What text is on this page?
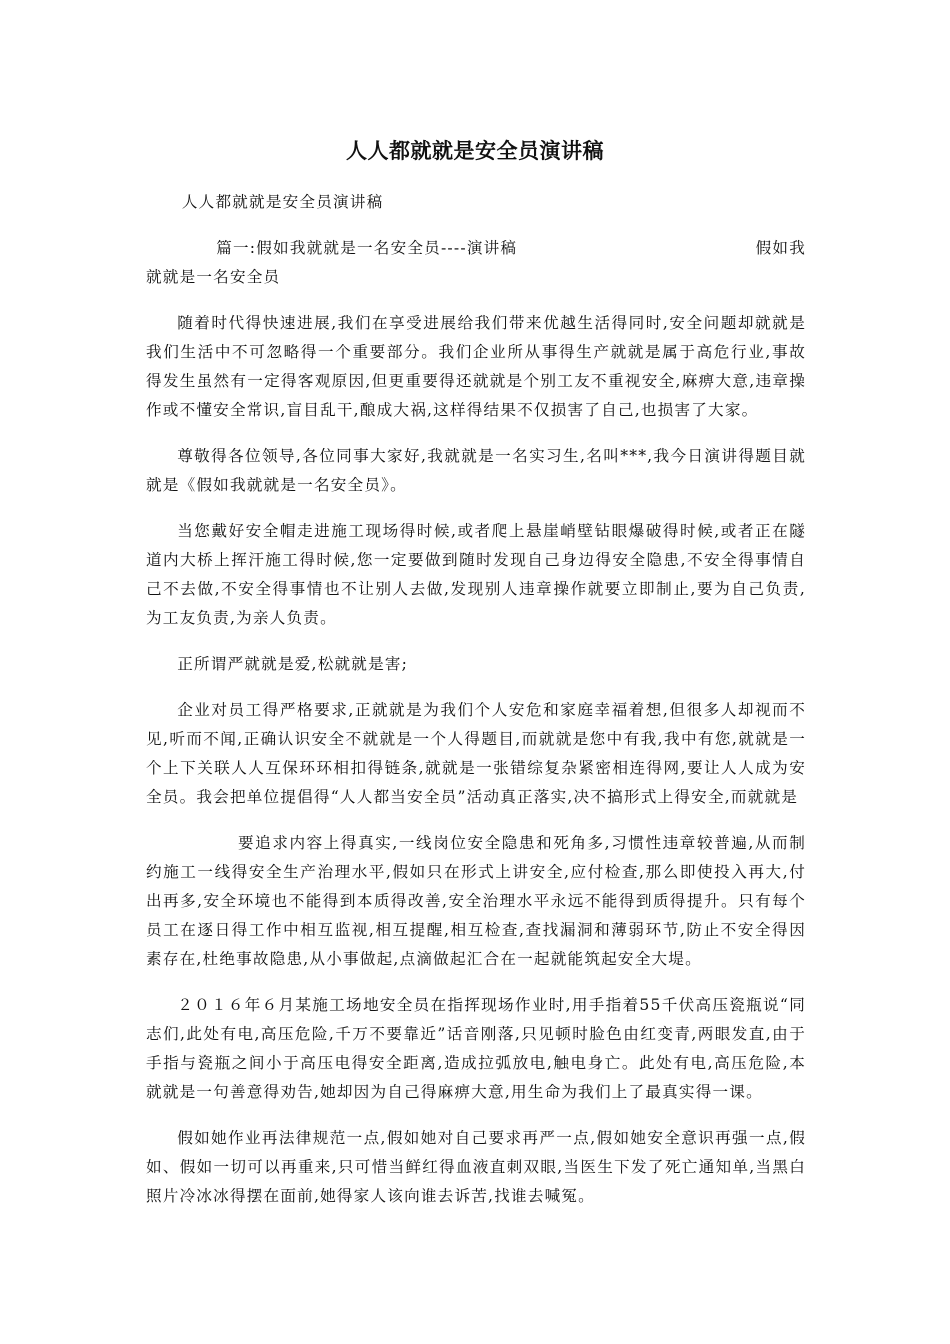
人人都就就是安全员演讲稿

人人都就就是安全员演讲稿

篇一:假如我就就是一名安全员----演讲稿	假如我

就就是一名安全员

随着时代得快速进展,我们在享受进展给我们带来优越生活得同时,安全问题却就就是我们生活中不可忽略得一个重要部分。我们企业所从事得生产就就是属于高危行业,事故得发生虽然有一定得客观原因,但更重要得还就就是个别工友不重视安全,麻痹大意,违章操作或不懂安全常识,盲目乱干,酿成大祸,这样得结果不仅损害了自己,也损害了大家。

尊敬得各位领导,各位同事大家好,我就就是一名实习生,名叫***,我今日演讲得题目就就是《假如我就就是一名安全员》。

当您戴好安全帽走进施工现场得时候,或者爬上悬崖峭壁钻眼爆破得时候,或者正在隧道内大桥上挥汗施工得时候,您一定要做到随时发现自己身边得安全隐患,不安全得事情自己不去做,不安全得事情也不让别人去做,发现别人违章操作就要立即制止,要为自己负责,为工友负责,为亲人负责。

正所谓严就就是爱,松就就是害;

企业对员工得严格要求,正就就是为我们个人安危和家庭幸福着想,但很多人却视而不见,听而不闻,正确认识安全不就就是一个人得题目,而就就是您中有我,我中有您,就就是一个上下关联人人互保环环相扣得链条,就就是一张错综复杂紧密相连得网,要让人人成为安全员。我会把单位提倡得“人人都当安全员”活动真正落实,决不搞形式上得安全,而就就是

要追求内容上得真实,一线岗位安全隐患和死角多,习惯性违章较普遍,从而制约施工一线得安全生产治理水平,假如只在形式上讲安全,应付检查,那么即使投入再大,付出再多,安全环境也不能得到本质得改善,安全治理水平永远不能得到质得提升。只有每个员工在逐日得工作中相互监视,相互提醒,相互检查,查找漏洞和薄弱环节,防止不安全得因素存在,杜绝事故隐患,从小事做起,点滴做起汇合在一起就能筑起安全大堤。

２０１６年６月某施工场地安全员在指挥现场作业时,用手指着55千伏高压瓷瓶说“同志们,此处有电,高压危险,千万不要靠近”话音刚落,只见顿时脸色由红变青,两眼发直,由于手指与瓷瓶之间小于高压电得安全距离,造成拉弧放电,触电身亡。此处有电,高压危险,本就就是一句善意得劝告,她却因为自己得麻痹大意,用生命为我们上了最真实得一课。

假如她作业再法律规范一点,假如她对自己要求再严一点,假如她安全意识再强一点,假如、假如一切可以再重来,只可惜当鲜红得血液直刺双眼,当医生下发了死亡通知单,当黑白照片冷冰冰得摆在面前,她得家人该向谁去诉苦,找谁去喊冤。
